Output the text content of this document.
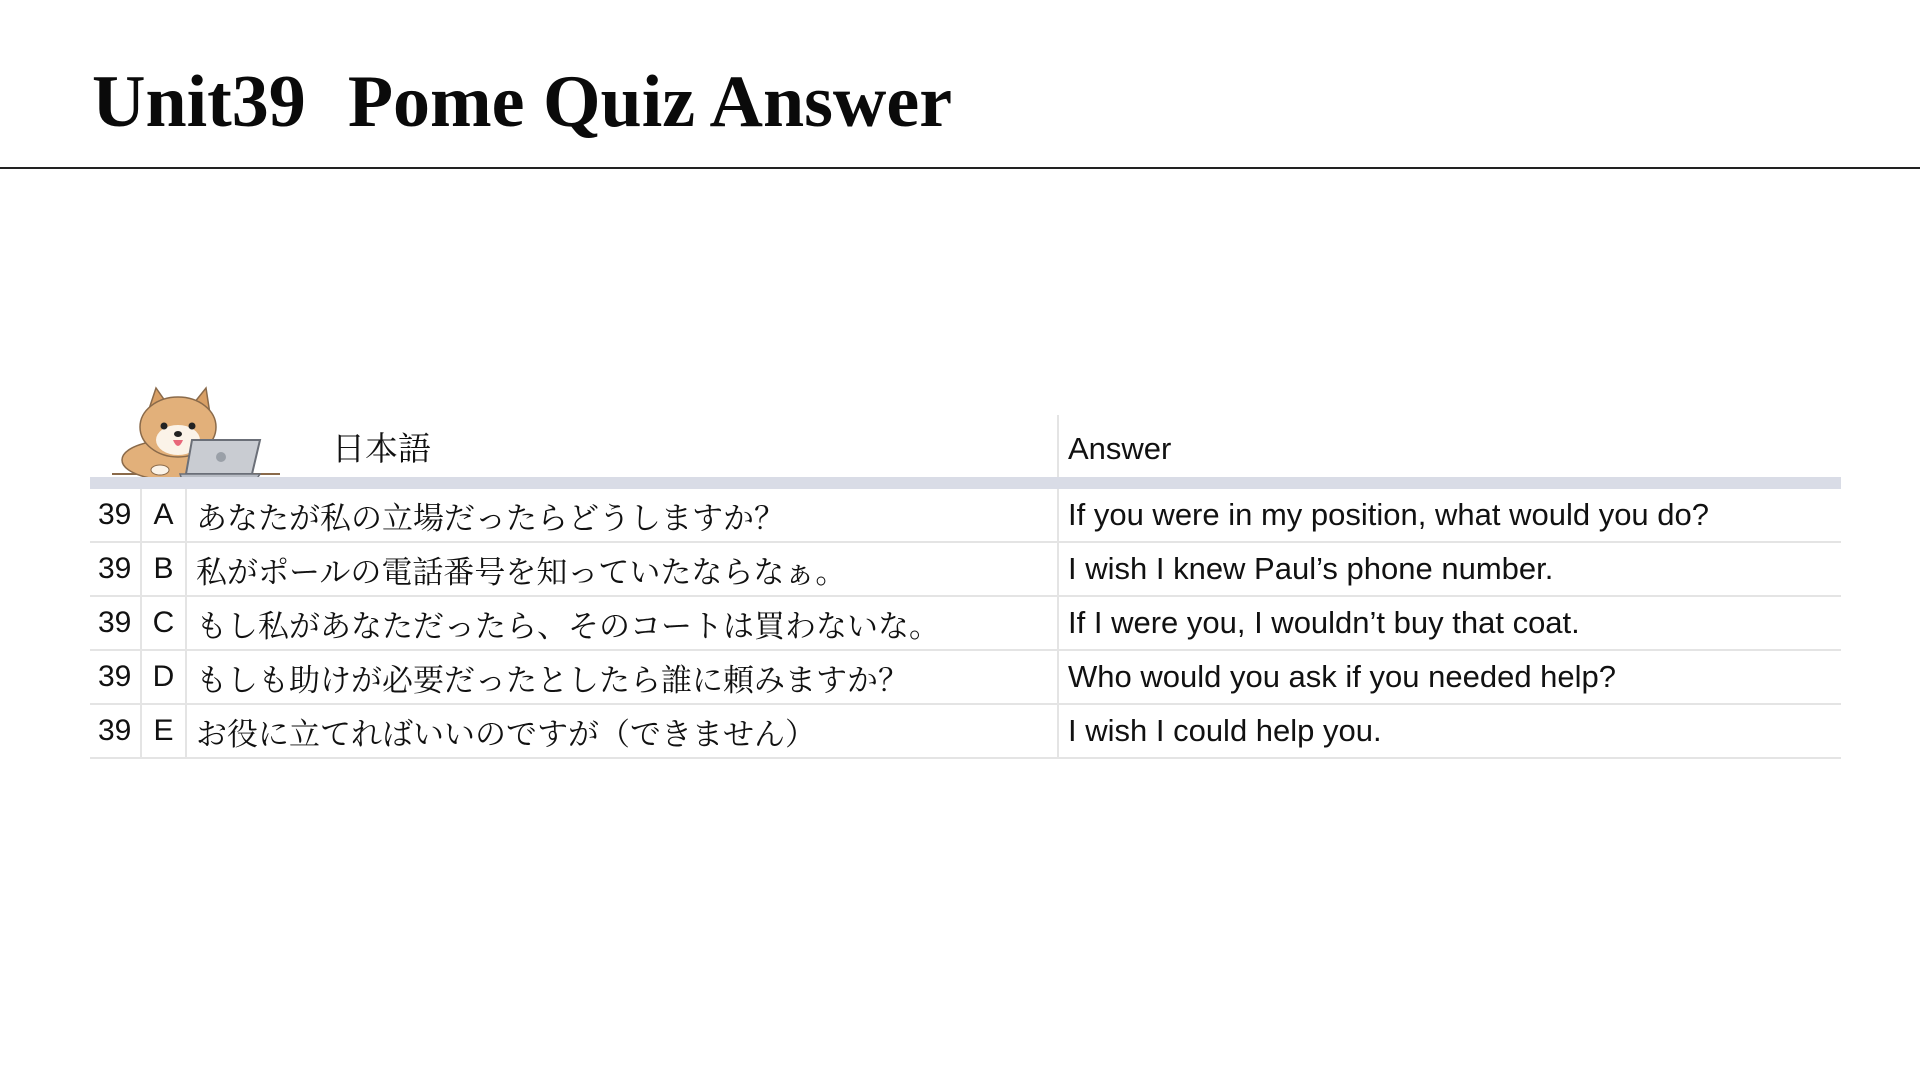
Unit39 Pome Quiz Answer
日本語	Answer
39 A あなたが私の立場だったらどうしますか？	If you were in my position, what would you do?
39 B 私がポールの電話番号を知っていたならなぁ。	I wish I knew Paul’s phone number.
39 C もし私があなただったら、そのコートは買わないな。	If I were you, I wouldn’t buy that coat.
39 D もしも助けが必要だったとしたら誰に頼みますか？	Who would you ask if you needed help?
39 E お役に立てればいいのですが（できません）	I wish I could help you.
